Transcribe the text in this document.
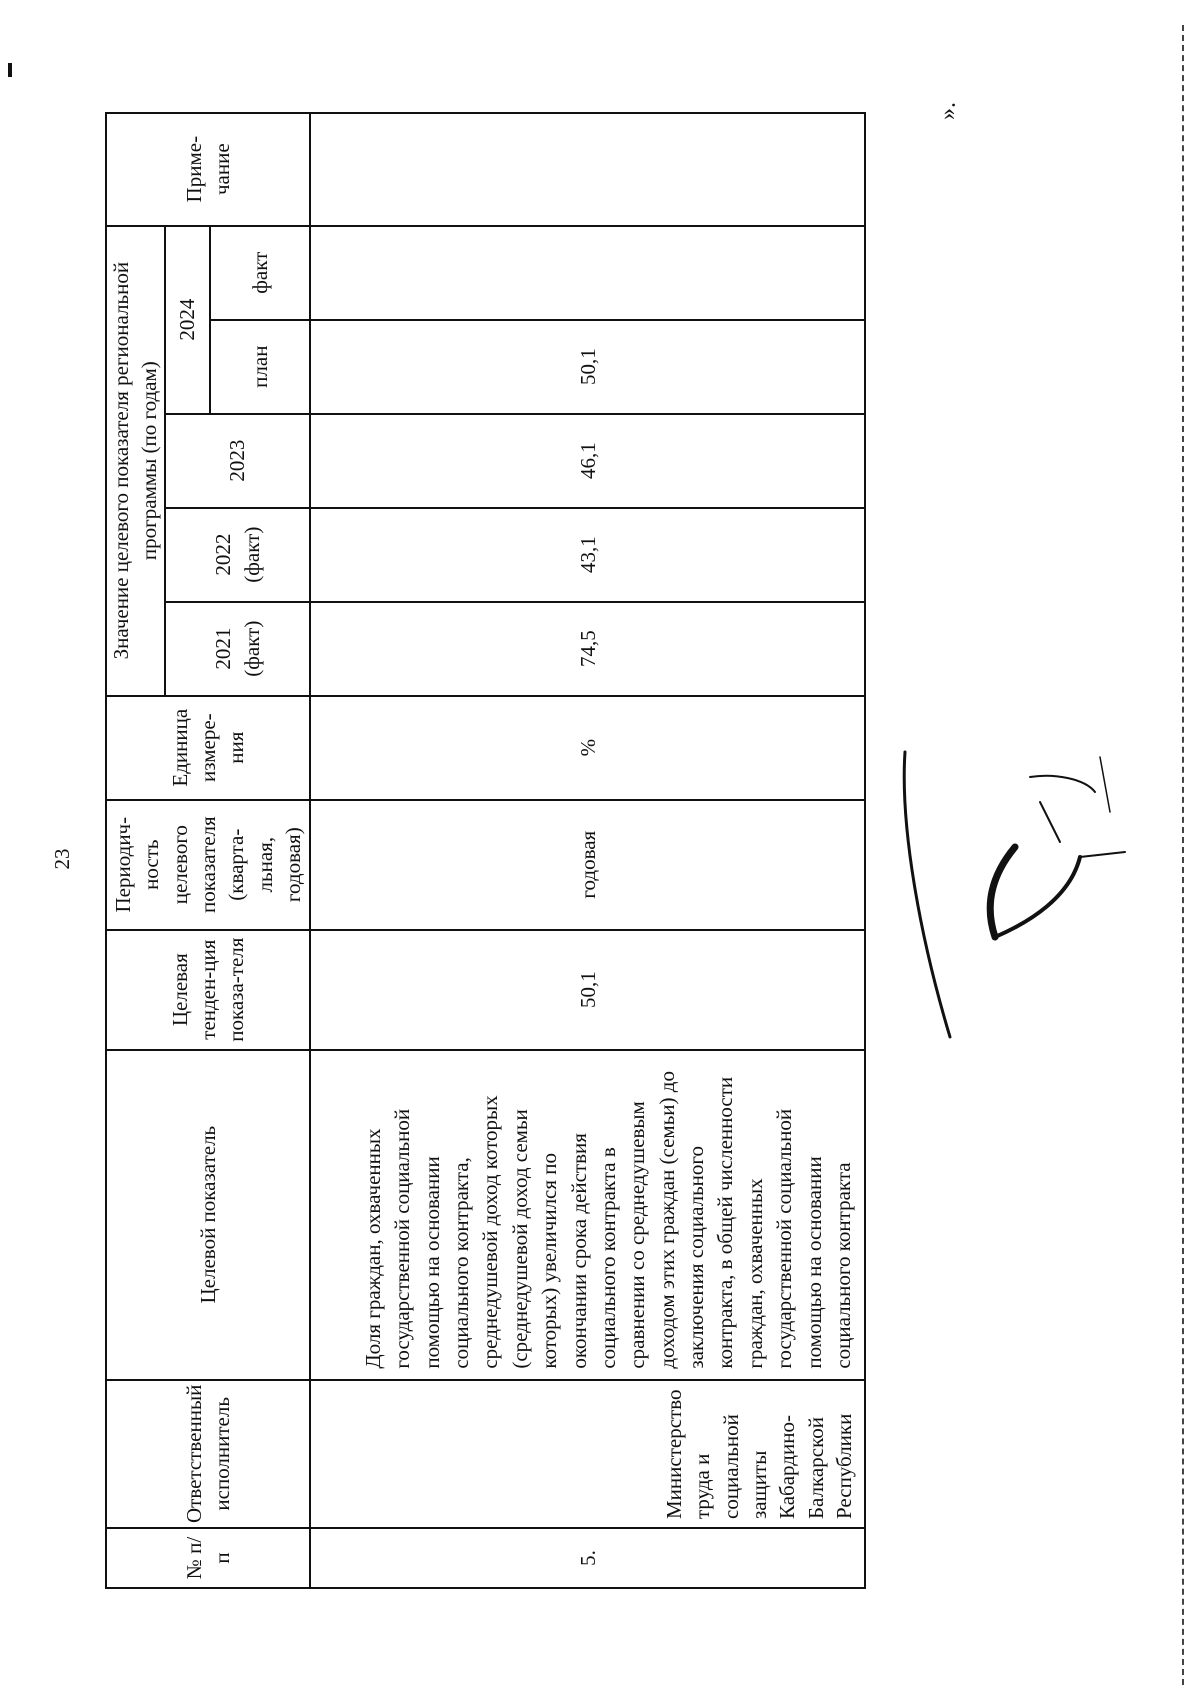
23
№ п/п	Ответственный исполнитель	Целевой показатель	Целевая тенден-ция показа-теля	Периодич-ность целевого показателя (кварта-льная, годовая)	Единица измере-ния	Значение целевого показателя региональной программы (по годам)					Приме-чание
						2021 (факт)	2022 (факт)	2023	2024		
									план	факт	
5.	Министерство труда и социальной защиты Кабардино-Балкарской Республики	Доля граждан, охваченных государственной социальной помощью на основании социального контракта, среднедушевой доход которых (среднедушевой доход семьи которых) увеличился по окончании срока действия социального контракта в сравнении со среднедушевым доходом этих граждан (семьи) до заключения социального контракта, в общей численности граждан, охваченных государственной социальной помощью на основании социального контракта	50,1	годовая	%	74,5	43,1	46,1	50,1		
».
